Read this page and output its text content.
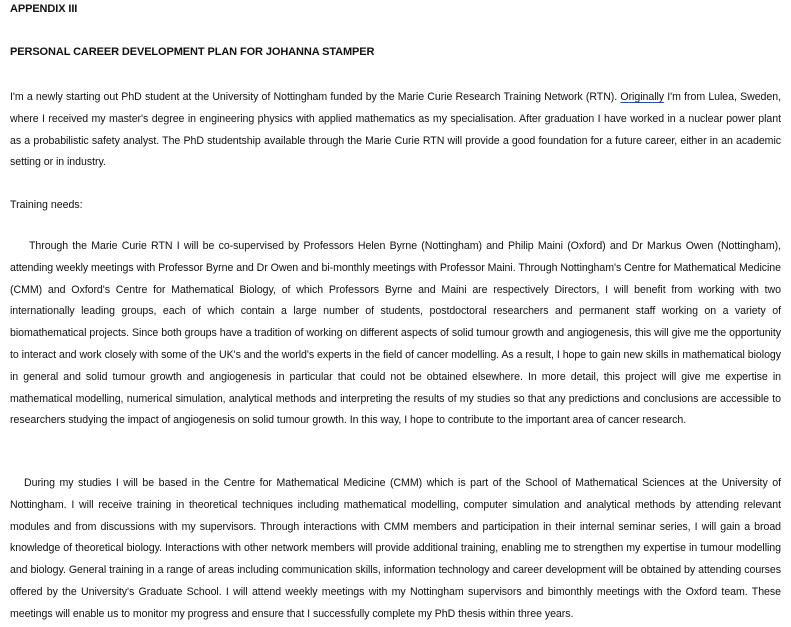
APPENDIX III
PERSONAL CAREER DEVELOPMENT PLAN FOR JOHANNA STAMPER

I'm a newly starting out PhD student at the University of Nottingham funded by the Marie Curie Research Training Network (RTN). Originally I'm from Lulea, Sweden, where I received my master's degree in engineering physics with applied mathematics as my specialisation. After graduation I have worked in a nuclear power plant as a probabilistic safety analyst. The PhD studentship available through the Marie Curie RTN will provide a good foundation for a future career, either in an academic setting or in industry.

Training needs:

Through the Marie Curie RTN I will be co-supervised by Professors Helen Byrne (Nottingham) and Philip Maini (Oxford) and Dr Markus Owen (Nottingham), attending weekly meetings with Professor Byrne and Dr Owen and bi-monthly meetings with Professor Maini. Through Nottingham's Centre for Mathematical Medicine (CMM) and Oxford's Centre for Mathematical Biology, of which Professors Byrne and Maini are respectively Directors, I will benefit from working with two internationally leading groups, each of which contain a large number of students, postdoctoral researchers and permanent staff working on a variety of biomathematical projects. Since both groups have a tradition of working on different aspects of solid tumour growth and angiogenesis, this will give me the opportunity to interact and work closely with some of the UK's and the world's experts in the field of cancer modelling. As a result, I hope to gain new skills in mathematical biology in general and solid tumour growth and angiogenesis in particular that could not be obtained elsewhere. In more detail, this project will give me expertise in mathematical modelling, numerical simulation, analytical methods and interpreting the results of my studies so that any predictions and conclusions are accessible to researchers studying the impact of angiogenesis on solid tumour growth. In this way, I hope to contribute to the important area of cancer research.

During my studies I will be based in the Centre for Mathematical Medicine (CMM) which is part of the School of Mathematical Sciences at the University of Nottingham. I will receive training in theoretical techniques including mathematical modelling, computer simulation and analytical methods by attending relevant modules and from discussions with my supervisors. Through interactions with CMM members and participation in their internal seminar series, I will gain a broad knowledge of theoretical biology. Interactions with other network members will provide additional training, enabling me to strengthen my expertise in tumour modelling and biology. General training in a range of areas including communication skills, information technology and career development will be obtained by attending courses offered by the University's Graduate School. I will attend weekly meetings with my Nottingham supervisors and bimonthly meetings with the Oxford team. These meetings will enable us to monitor my progress and ensure that I successfully complete my PhD thesis within three years.
